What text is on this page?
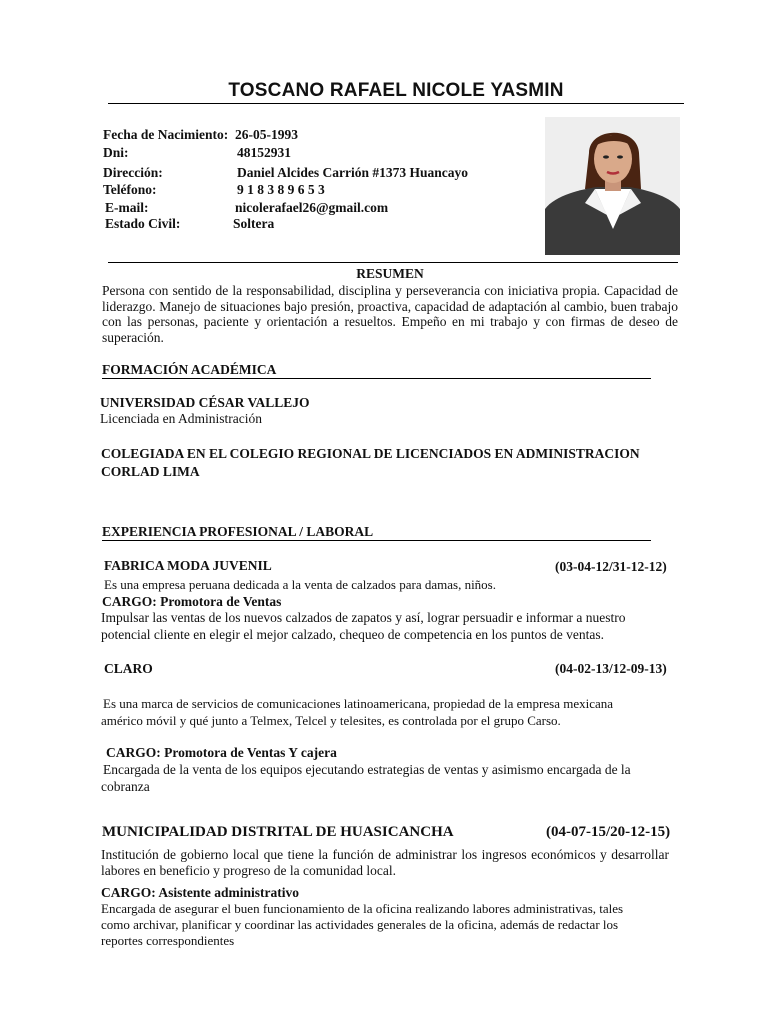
TOSCANO RAFAEL NICOLE YASMIN
Fecha de Nacimiento: 26-05-1993
Dni:	48152931
Dirección:	Daniel Alcides Carrión #1373 Huancayo
Teléfono:	9 1 8 3 8 9 6 5 3
E-mail:	nicolerafael26@gmail.com
Estado Civil:	Soltera
RESUMEN
Persona con sentido de la responsabilidad, disciplina y perseverancia con iniciativa propia. Capacidad de liderazgo. Manejo de situaciones bajo presión, proactiva, capacidad de adaptación al cambio, buen trabajo con las personas, paciente y orientación a resueltos. Empeño en mi trabajo y con firmas de deseo de superación.
FORMACIÓN ACADÉMICA
UNIVERSIDAD CÉSAR VALLEJO
Licenciada en Administración
COLEGIADA EN EL COLEGIO REGIONAL DE LICENCIADOS EN ADMINISTRACION
CORLAD LIMA
EXPERIENCIA PROFESIONAL / LABORAL
FABRICA MODA JUVENIL	(03-04-12/31-12-12)
Es una empresa peruana dedicada a la venta de calzados para damas, niños.
CARGO: Promotora de Ventas
Impulsar las ventas de los nuevos calzados de zapatos y así, lograr persuadir e informar a nuestro
potencial cliente en elegir el mejor calzado, chequeo de competencia en los puntos de ventas.
CLARO	(04-02-13/12-09-13)
Es una marca de servicios de comunicaciones latinoamericana, propiedad de la empresa mexicana
américo móvil y qué junto a Telmex, Telcel y telesites, es controlada por el grupo Carso.
CARGO: Promotora de Ventas Y cajera
Encargada de la venta de los equipos ejecutando estrategias de ventas y asimismo encargada de la
cobranza
MUNICIPALIDAD DISTRITAL DE HUASICANCHA	(04-07-15/20-12-15)
Institución de gobierno local que tiene la función de administrar los ingresos económicos y desarrollar labores en beneficio y progreso de la comunidad local.
CARGO: Asistente administrativo
Encargada de asegurar el buen funcionamiento de la oficina realizando labores administrativas, tales
como archivar, planificar y coordinar las actividades generales de la oficina, además de redactar los
reportes correspondientes
